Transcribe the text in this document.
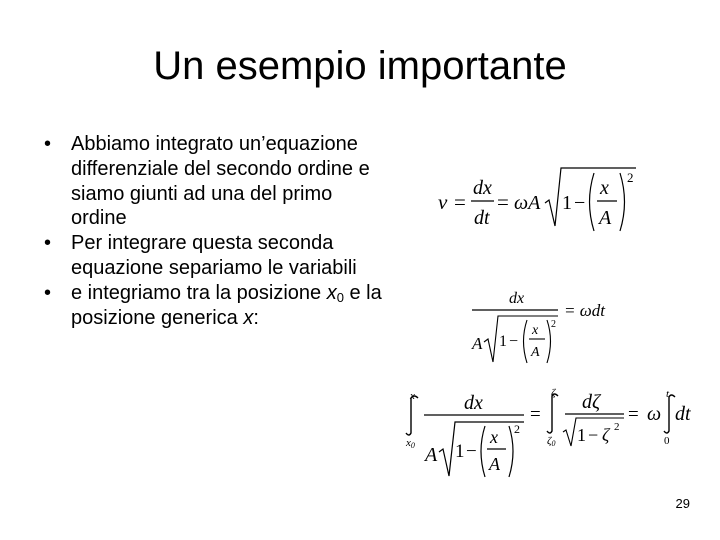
Un esempio importante
• Abbiamo integrato un’equazione differenziale del secondo ordine e siamo giunti ad una del primo ordine
• Per integrare questa seconda equazione separiamo le variabili
• e integriamo tra la posizione $x_0$ e la posizione generica x:
v =
dx
dt
= ωA 1 −
x
A
2
dx
A 1 −
x
A
2
= ωdt
x
x0
dx
A 1 −
x
A
2
=
ζ
ζ0
dζ
1 − ζ 2
= ω
t
0
dt
29
